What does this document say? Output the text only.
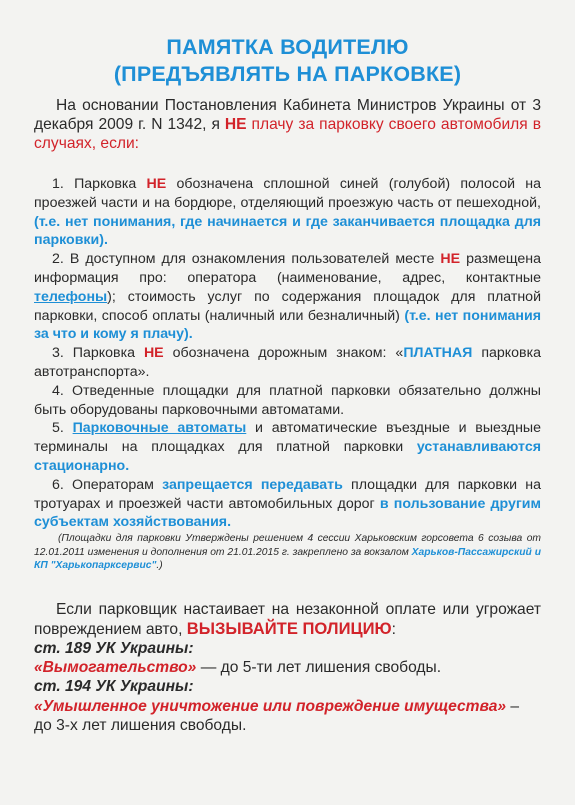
ПАМЯТКА ВОДИТЕЛЮ
(ПРЕДЪЯВЛЯТЬ НА ПАРКОВКЕ)
На основании Постановления Кабинета Министров Украины от 3 декабря 2009 г. N 1342, я НЕ плачу за парковку своего автомобиля в случаях, если:

1. Парковка НЕ обозначена сплошной синей (голубой) полосой на проезжей части и на бордюре, отделяющий проезжую часть от пешеходной, (т.е. нет понимания, где начинается и где заканчивается площадка для парковки).

2. В доступном для ознакомления пользователей месте НЕ размещена информация про: оператора (наименование, адрес, контактные телефоны); стоимость услуг по содержания площадок для платной парковки, способ оплаты (наличный или безналичный) (т.е. нет понимания за что и кому я плачу).

3. Парковка НЕ обозначена дорожным знаком: «ПЛАТНАЯ парковка автотранспорта».

4. Отведенные площадки для платной парковки обязательно должны быть оборудованы парковочными автоматами.

5. Парковочные автоматы и автоматические въездные и выездные терминалы на площадках для платной парковки устанавливаются стационарно.

6. Операторам запрещается передавать площадки для парковки на тротуарах и проезжей части автомобильных дорог в пользование другим субъектам хозяйствования.

(Площадки для парковки Утверждены решением 4 сессии Харьковским горсовета 6 созыва от 12.01.2011 изменения и дополнения от 21.01.2015 г. закреплено за вокзалом Харьков-Пассажирский и КП "Харькопарксервис".)

Если парковщик настаивает на незаконной оплате или угрожает повреждением авто, ВЫЗЫВАЙТЕ ПОЛИЦИЮ:

ст. 189 УК Украины:

«Вымогательство» — до 5-ти лет лишения свободы.

ст. 194 УК Украины:

«Умышленное уничтожение или повреждение имущества» – до 3-х лет лишения свободы.
